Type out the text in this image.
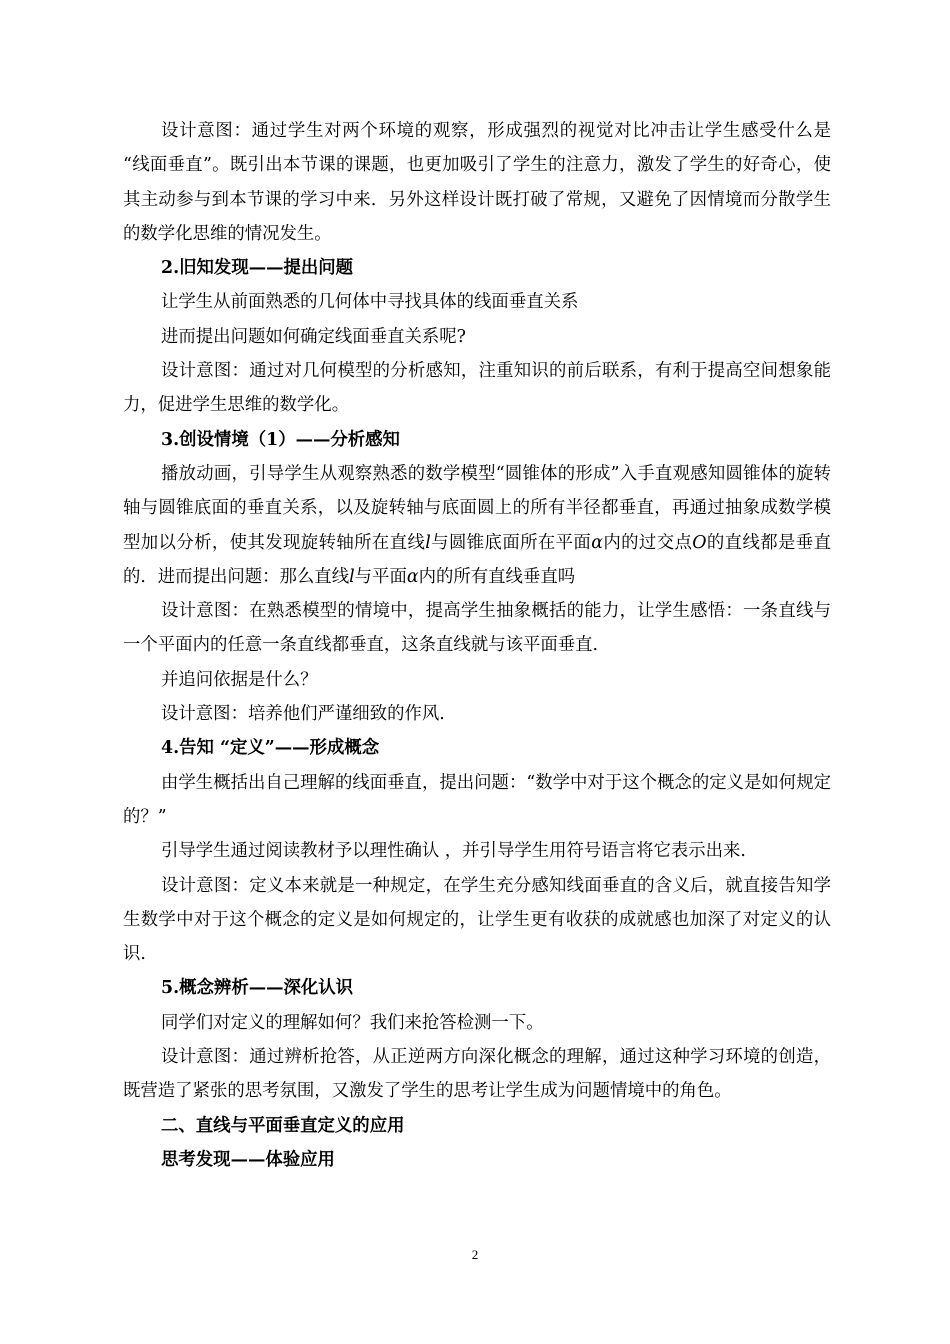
设计意图：通过学生对两个环境的观察，形成强烈的视觉对比冲击让学生感受什么是 “线面垂直”。既引出本节课的课题，也更加吸引了学生的注意力，激发了学生的好奇心，使其主动参与到本节课的学习中来．另外这样设计既打破了常规，又避免了因情境而分散学生的数学化思维的情况发生。

2.旧知发现——提出问题

让学生从前面熟悉的几何体中寻找具体的线面垂直关系

进而提出问题如何确定线面垂直关系呢?

设计意图：通过对几何模型的分析感知，注重知识的前后联系，有利于提高空间想象能力，促进学生思维的数学化。

3.创设情境（1）——分析感知

播放动画，引导学生从观察熟悉的数学模型“圆锥体的形成”入手直观感知圆锥体的旋转轴与圆锥底面的垂直关系，以及旋转轴与底面圆上的所有半径都垂直，再通过抽象成数学模型加以分析，使其发现旋转轴所在直线l与圆锥底面所在平面α内的过交点O的直线都是垂直的．进而提出问题：那么直线l与平面α内的所有直线垂直吗

设计意图：在熟悉模型的情境中，提高学生抽象概括的能力，让学生感悟：一条直线与一个平面内的任意一条直线都垂直，这条直线就与该平面垂直.

并追问依据是什么？

设计意图：培养他们严谨细致的作风.

4.告知 “定义”——形成概念

由学生概括出自己理解的线面垂直，提出问题：“数学中对于这个概念的定义是如何规定的？”

引导学生通过阅读教材予以理性确认 ，并引导学生用符号语言将它表示出来.

设计意图：定义本来就是一种规定，在学生充分感知线面垂直的含义后，就直接告知学生数学中对于这个概念的定义是如何规定的，让学生更有收获的成就感也加深了对定义的认识.

5.概念辨析——深化认识

同学们对定义的理解如何？我们来抢答检测一下。

设计意图：通过辨析抢答，从正逆两方向深化概念的理解，通过这种学习环境的创造，既营造了紧张的思考氛围，又激发了学生的思考让学生成为问题情境中的角色。

二、直线与平面垂直定义的应用

思考发现——体验应用

2
